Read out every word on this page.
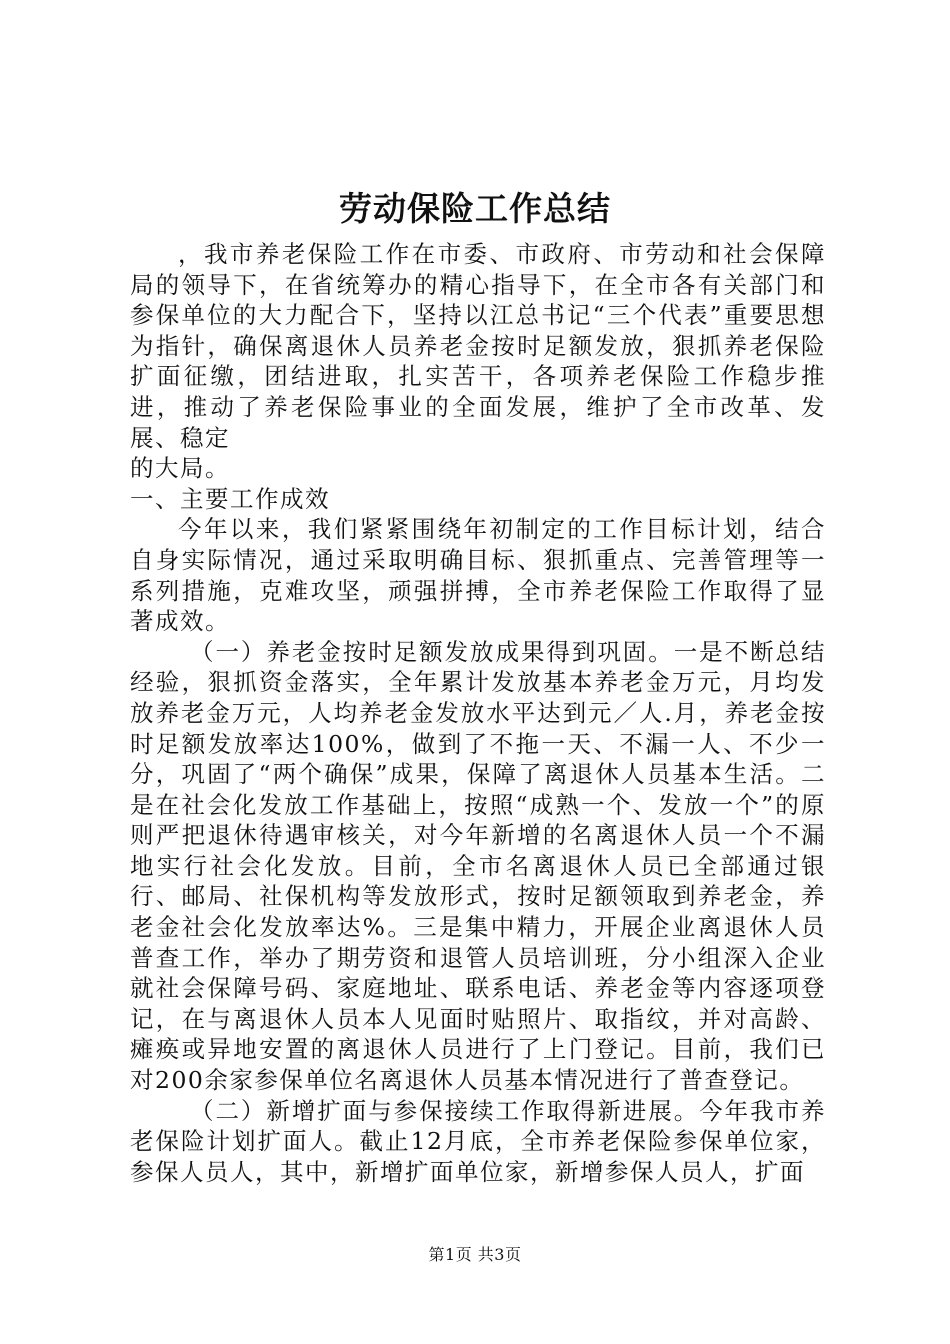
劳动保险工作总结

，我市养老保险工作在市委、市政府、市劳动和社会保障局的领导下，在省统筹办的精心指导下，在全市各有关部门和参保单位的大力配合下，坚持以江总书记“三个代表”重要思想为指针，确保离退休人员养老金按时足额发放，狠抓养老保险扩面征缴，团结进取，扎实苦干，各项养老保险工作稳步推进，推动了养老保险事业的全面发展，维护了全市改革、发展、稳定

的大局。

一、主要工作成效

今年以来，我们紧紧围绕年初制定的工作目标计划，结合自身实际情况，通过采取明确目标、狠抓重点、完善管理等一系列措施，克难攻坚，顽强拼搏，全市养老保险工作取得了显著成效。

（一）养老金按时足额发放成果得到巩固。一是不断总结经验，狠抓资金落实，全年累计发放基本养老金万元，月均发放养老金万元，人均养老金发放水平达到元／人.月，养老金按时足额发放率达100%，做到了不拖一天、不漏一人、不少一分，巩固了“两个确保”成果，保障了离退休人员基本生活。二是在社会化发放工作基础上，按照“成熟一个、发放一个”的原则严把退休待遇审核关，对今年新增的名离退休人员一个不漏地实行社会化发放。目前，全市名离退休人员已全部通过银行、邮局、社保机构等发放形式，按时足额领取到养老金，养老金社会化发放率达%。三是集中精力，开展企业离退休人员普查工作，举办了期劳资和退管人员培训班，分小组深入企业就社会保障号码、家庭地址、联系电话、养老金等内容逐项登记，在与离退休人员本人见面时贴照片、取指纹，并对高龄、瘫痪或异地安置的离退休人员进行了上门登记。目前，我们已对200余家参保单位名离退休人员基本情况进行了普查登记。

（二）新增扩面与参保接续工作取得新进展。今年我市养老保险计划扩面人。截止12月底，全市养老保险参保单位家，参保人员人，其中，新增扩面单位家，新增参保人员人，扩面

第1页 共3页
